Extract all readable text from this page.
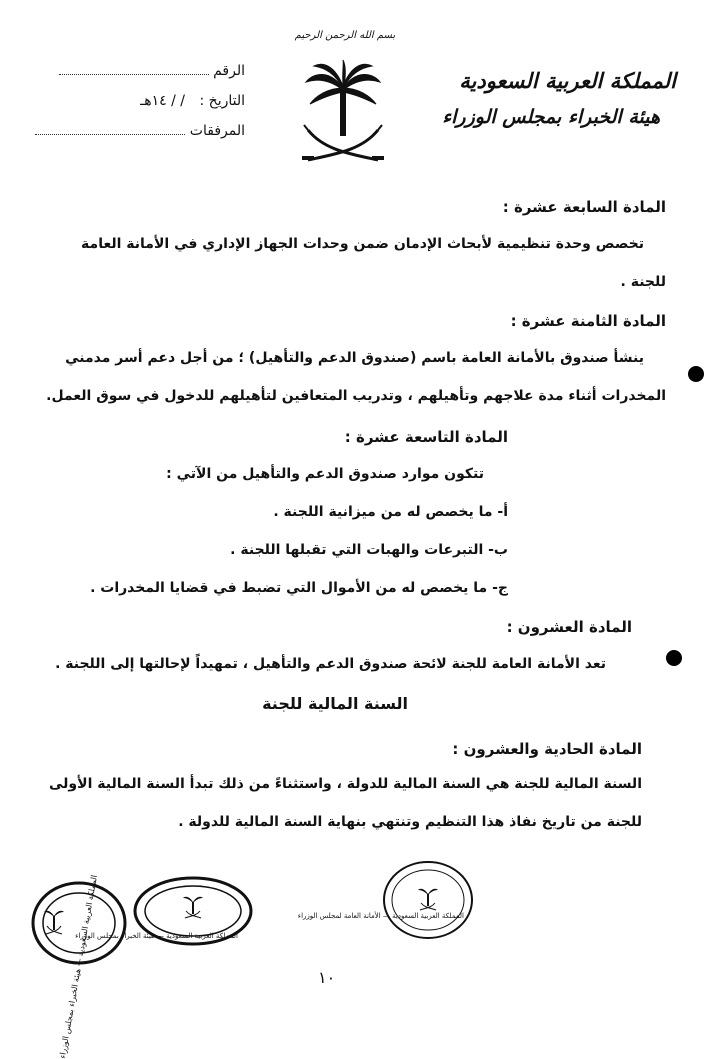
بسم الله الرحمن الرحيم
المملكة العربية السعودية
هيئة الخبراء بمجلس الوزراء
الرقم
التاريخ : / / ١٤هـ
المرفقات
المادة السابعة عشرة :
تخصص وحدة تنظيمية لأبحاث الإدمان ضمن وحدات الجهاز الإداري في الأمانة العامة
للجنة .
المادة الثامنة عشرة :
ينشأ صندوق بالأمانة العامة باسم (صندوق الدعم والتأهيل) ؛ من أجل دعم أسر مدمني
المخدرات أثناء مدة علاجهم وتأهيلهم ، وتدريب المتعافين لتأهيلهم للدخول في سوق العمل.
المادة التاسعة عشرة :
تتكون موارد صندوق الدعم والتأهيل من الآتي :
أ- ما يخصص له من ميزانية اللجنة .
ب- التبرعات والهبات التي تقبلها اللجنة .
ج- ما يخصص له من الأموال التي تضبط في قضايا المخدرات .
المادة العشرون :
تعد الأمانة العامة للجنة لائحة صندوق الدعم والتأهيل ، تمهيداً لإحالتها إلى اللجنة .
السنة المالية للجنة
المادة الحادية والعشرون :
السنة المالية للجنة هي السنة المالية للدولة ، واستثناءً من ذلك تبدأ السنة المالية الأولى
للجنة من تاريخ نفاذ هذا التنظيم وتنتهي بنهاية السنة المالية للدولة .
المملكة العربية السعودية — هيئة الخبراء بمجلس الوزراء
المملكة العربية السعودية — هيئة الخبراء بمجلس الوزراء
المملكة العربية السعودية — الأمانة العامة لمجلس الوزراء
١٠
